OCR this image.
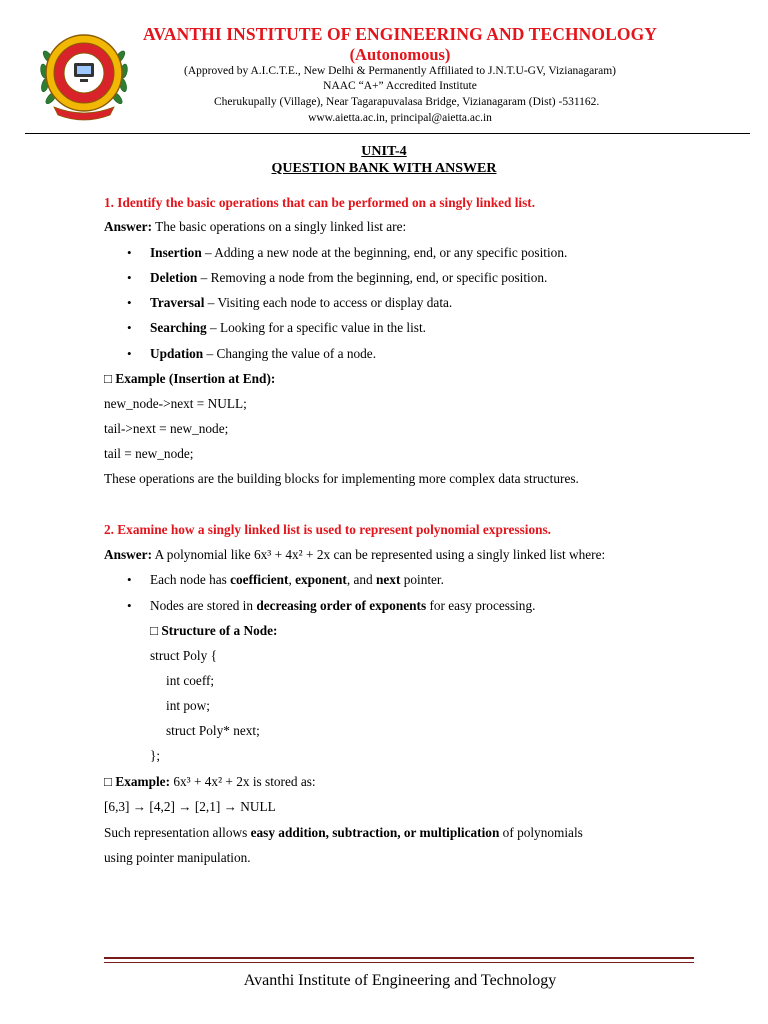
AVANTHI INSTITUTE OF ENGINEERING AND TECHNOLOGY
(Autonomous)
(Approved by A.I.C.T.E., New Delhi & Permanently Affiliated to J.N.T.U-GV, Vizianagaram)
NAAC “A+” Accredited Institute
Cherukupally (Village), Near Tagarapuvalasa Bridge, Vizianagaram (Dist) -531162.
www.aietta.ac.in, principal@aietta.ac.in
UNIT-4
QUESTION BANK WITH ANSWER
1. Identify the basic operations that can be performed on a singly linked list.
Answer: The basic operations on a singly linked list are:
• Insertion – Adding a new node at the beginning, end, or any specific position.
• Deletion – Removing a node from the beginning, end, or specific position.
• Traversal – Visiting each node to access or display data.
• Searching – Looking for a specific value in the list.
• Updation – Changing the value of a node.
□ Example (Insertion at End):
new_node->next = NULL;
tail->next = new_node;
tail = new_node;
These operations are the building blocks for implementing more complex data structures.
2. Examine how a singly linked list is used to represent polynomial expressions.
Answer: A polynomial like 6x³ + 4x² + 2x can be represented using a singly linked list where:
• Each node has coefficient, exponent, and next pointer.
• Nodes are stored in decreasing order of exponents for easy processing.
□ Structure of a Node:
struct Poly {
int coeff;
int pow;
struct Poly* next;
};
□ Example: 6x³ + 4x² + 2x is stored as:
[6,3] → [4,2] → [2,1] → NULL
Such representation allows easy addition, subtraction, or multiplication of polynomials
using pointer manipulation.
Avanthi Institute of Engineering and Technology
